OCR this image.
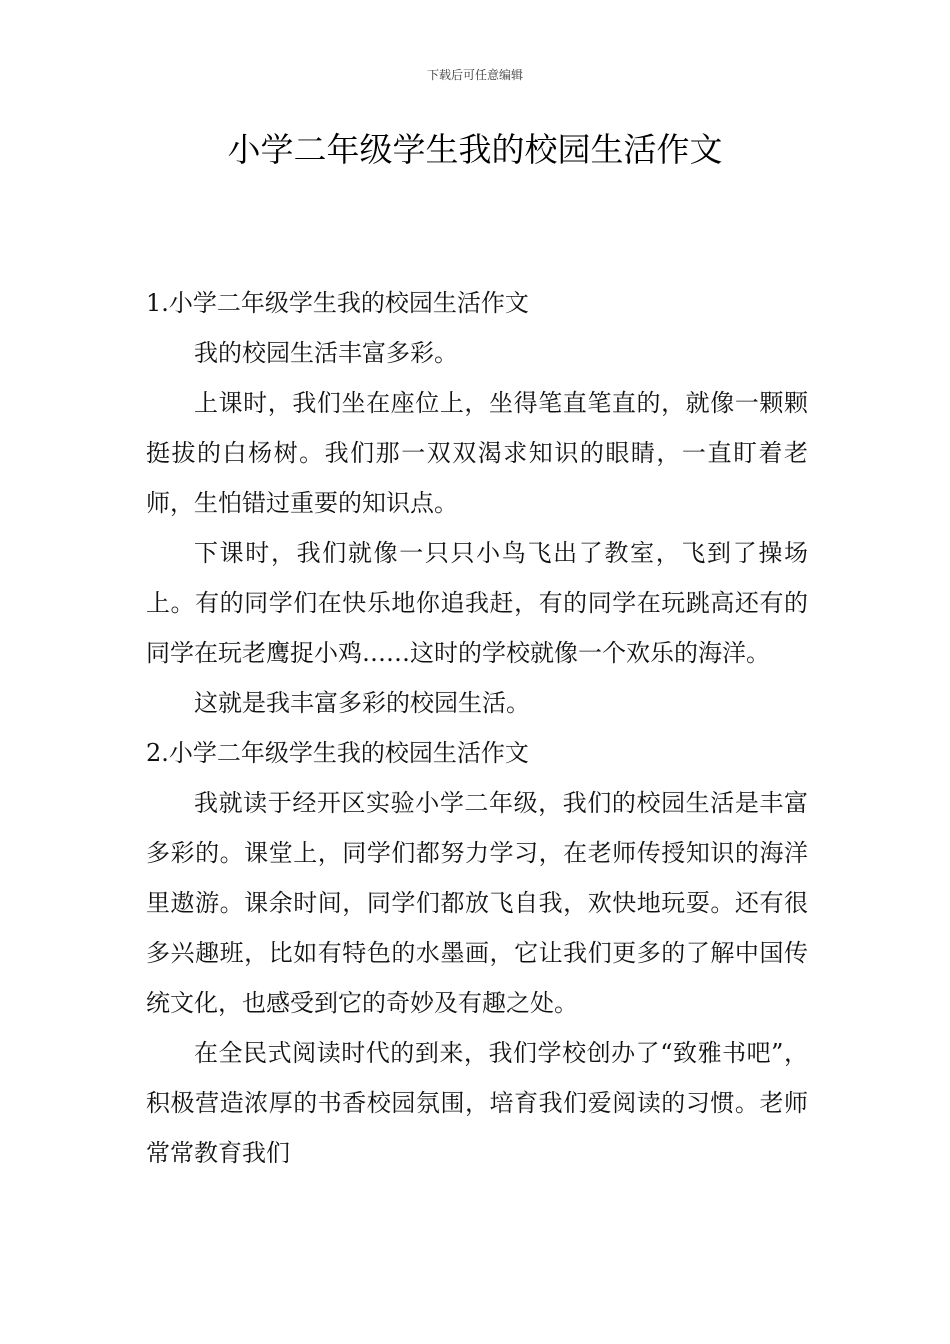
下载后可任意编辑
小学二年级学生我的校园生活作文

1.小学二年级学生我的校园生活作文

我的校园生活丰富多彩。

上课时，我们坐在座位上，坐得笔直笔直的，就像一颗颗挺拔的白杨树。我们那一双双渴求知识的眼睛，一直盯着老师，生怕错过重要的知识点。

下课时，我们就像一只只小鸟飞出了教室，飞到了操场上。有的同学们在快乐地你追我赶，有的同学在玩跳高还有的同学在玩老鹰捉小鸡……这时的学校就像一个欢乐的海洋。

这就是我丰富多彩的校园生活。

2.小学二年级学生我的校园生活作文

我就读于经开区实验小学二年级，我们的校园生活是丰富多彩的。课堂上，同学们都努力学习，在老师传授知识的海洋里遨游。课余时间，同学们都放飞自我，欢快地玩耍。还有很多兴趣班，比如有特色的水墨画，它让我们更多的了解中国传统文化，也感受到它的奇妙及有趣之处。

在全民式阅读时代的到来，我们学校创办了“致雅书吧”，积极营造浓厚的书香校园氛围，培育我们爱阅读的习惯。老师常常教育我们
